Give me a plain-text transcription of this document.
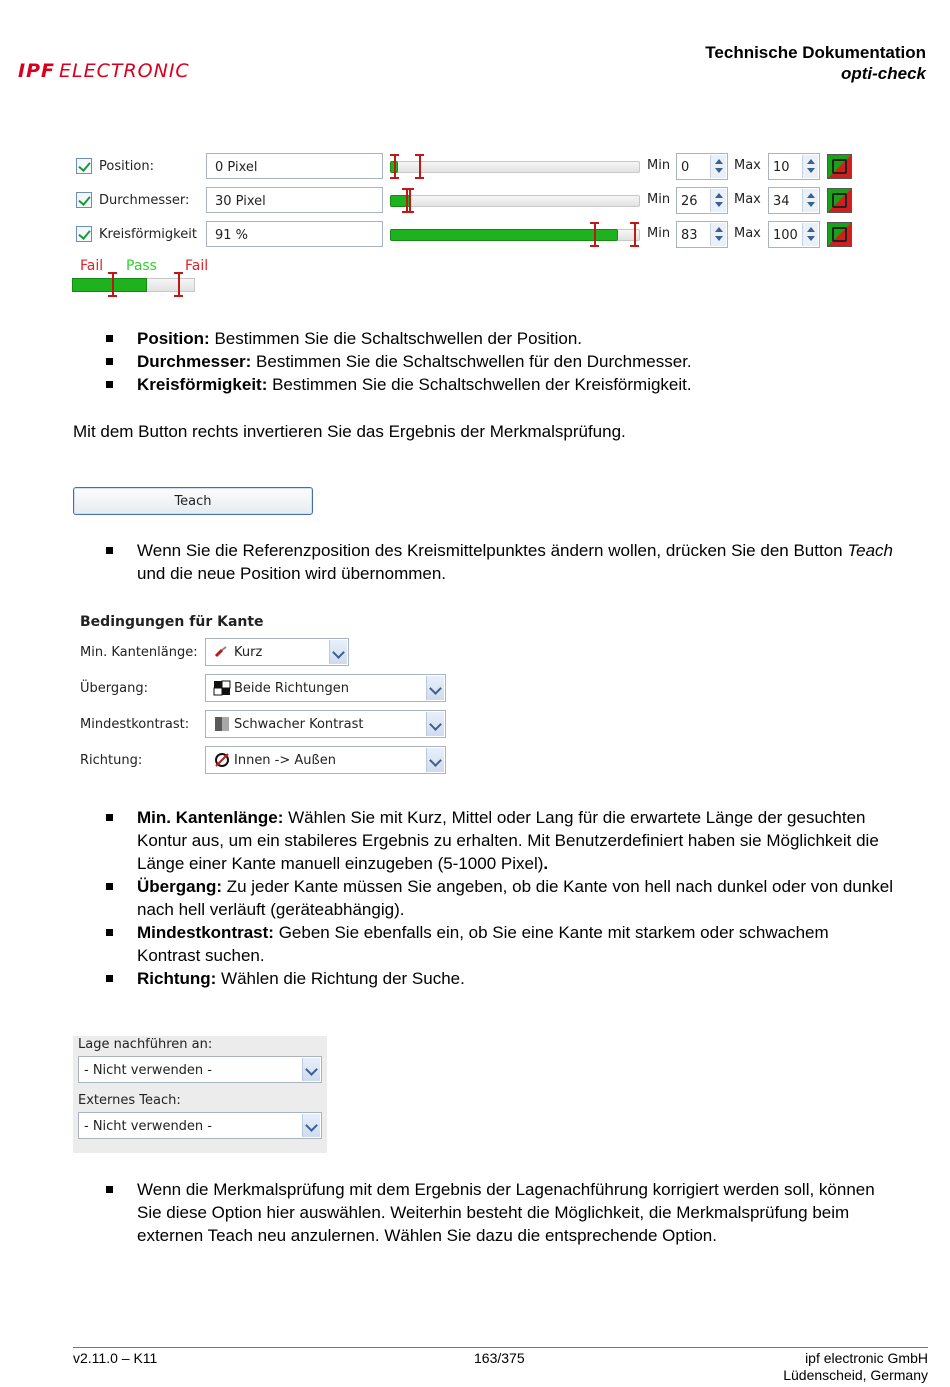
IPF ELECTRONIC
Technische Dokumentation
opti-check
Position:	0 Pixel	Min 0	Max 10
Durchmesser:	30 Pixel	Min 26	Max 34
Kreisförmigkeit	91 %	Min 83	Max 100
Fail Pass Fail
Position: Bestimmen Sie die Schaltschwellen der Position.
Durchmesser: Bestimmen Sie die Schaltschwellen für den Durchmesser.
Kreisförmigkeit: Bestimmen Sie die Schaltschwellen der Kreisförmigkeit.
Mit dem Button rechts invertieren Sie das Ergebnis der Merkmalsprüfung.
Teach
Wenn Sie die Referenzposition des Kreismittelpunktes ändern wollen, drücken Sie den Button Teach
und die neue Position wird übernommen.
Bedingungen für Kante
Min. Kantenlänge:	Kurz
Übergang:	Beide Richtungen
Mindestkontrast:	Schwacher Kontrast
Richtung:	Innen -> Außen
Min. Kantenlänge: Wählen Sie mit Kurz, Mittel oder Lang für die erwartete Länge der gesuchten
Kontur aus, um ein stabileres Ergebnis zu erhalten. Mit Benutzerdefiniert haben sie Möglichkeit die
Länge einer Kante manuell einzugeben (5-1000 Pixel).
Übergang: Zu jeder Kante müssen Sie angeben, ob die Kante von hell nach dunkel oder von dunkel
nach hell verläuft (geräteabhängig).
Mindestkontrast: Geben Sie ebenfalls ein, ob Sie eine Kante mit starkem oder schwachem
Kontrast suchen.
Richtung: Wählen die Richtung der Suche.
Lage nachführen an:
- Nicht verwenden -
Externes Teach:
- Nicht verwenden -
Wenn die Merkmalsprüfung mit dem Ergebnis der Lagenachführung korrigiert werden soll, können
Sie diese Option hier auswählen. Weiterhin besteht die Möglichkeit, die Merkmalsprüfung beim
externen Teach neu anzulernen. Wählen Sie dazu die entsprechende Option.
v2.11.0 – K11	163/375	ipf electronic GmbH
Lüdenscheid, Germany
